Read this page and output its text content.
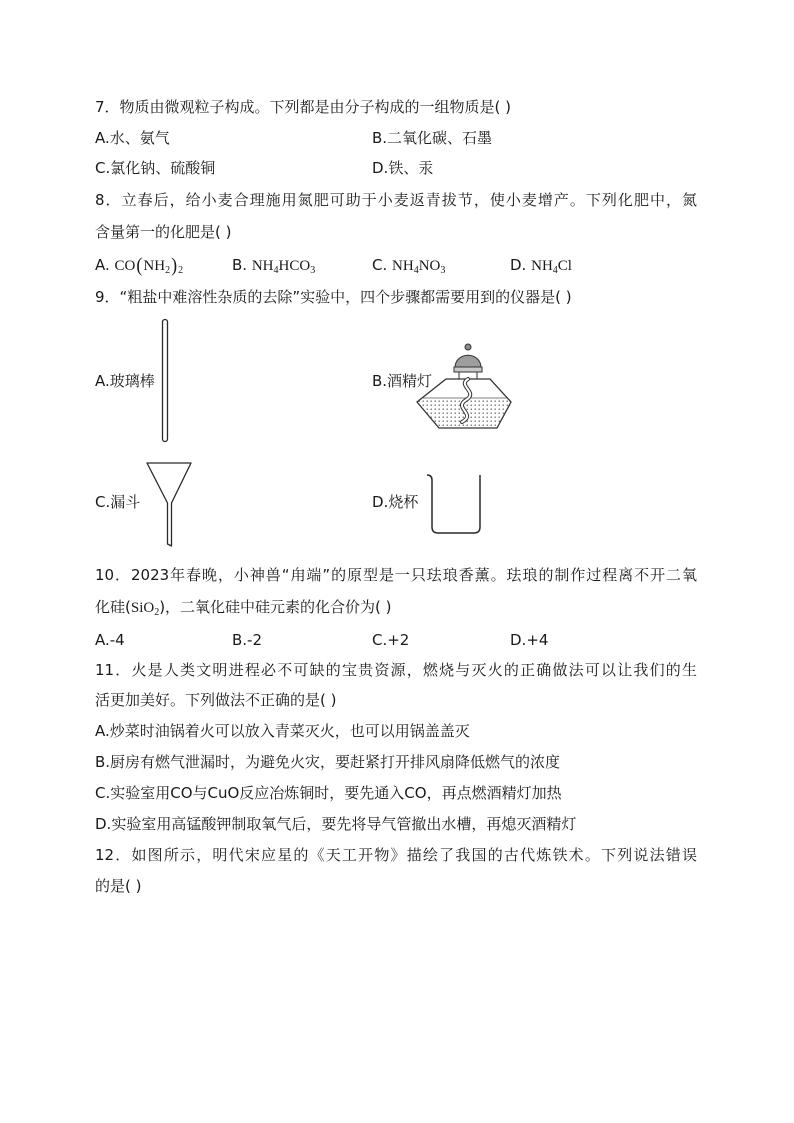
7．物质由微观粒子构成。下列都是由分子构成的一组物质是( )
A.水、氨气	B.二氧化碳、石墨
C.氯化钠、硫酸铜	D.铁、汞
8．立春后，给小麦合理施用氮肥可助于小麦返青拔节，使小麦增产。下列化肥中，氮
含量第一的化肥是( )
A. $CO(NH_2)_2$	B. $NH_4HCO_3$	C. $NH_4NO_3$	D. $NH_4Cl$
9．“粗盐中难溶性杂质的去除”实验中，四个步骤都需要用到的仪器是( )
A.玻璃棒	B.酒精灯
C.漏斗	D.烧杯
10．2023年春晚，小神兽“甪端”的原型是一只珐琅香薰。珐琅的制作过程离不开二氧
化硅(SiO$_2$)，二氧化硅中硅元素的化合价为( )
A.-4	B.-2	C.+2	D.+4
11．火是人类文明进程必不可缺的宝贵资源，燃烧与灭火的正确做法可以让我们的生
活更加美好。下列做法不正确的是( )
A.炒菜时油锅着火可以放入青菜灭火，也可以用锅盖盖灭
B.厨房有燃气泄漏时，为避免火灾，要赶紧打开排风扇降低燃气的浓度
C.实验室用CO与CuO反应冶炼铜时，要先通入CO，再点燃酒精灯加热
D.实验室用高锰酸钾制取氧气后，要先将导气管撤出水槽，再熄灭酒精灯
12．如图所示，明代宋应星的《天工开物》描绘了我国的古代炼铁术。下列说法错误
的是( )
